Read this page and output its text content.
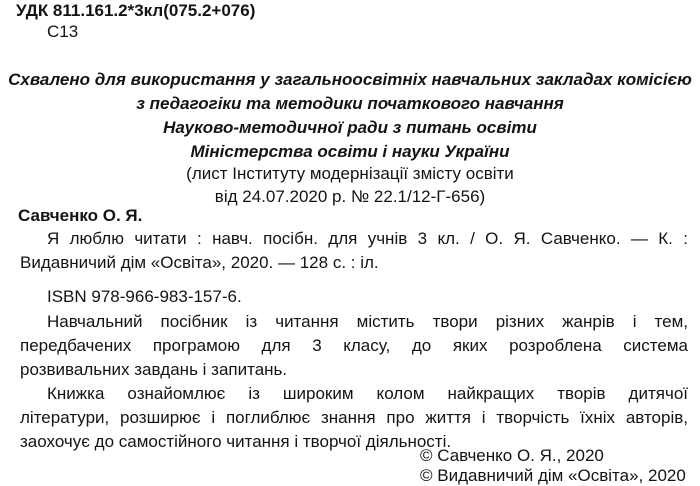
УДК 811.161.2*3кл(075.2+076)
С13
Схвалено для використання у загальноосвітніх навчальних закладах комісією
з педагогіки та методики початкового навчання
Науково-методичної ради з питань освіти
Міністерства освіти і науки України
(лист Інституту модернізації змісту освіти
від 24.07.2020 р. № 22.1/12-Г-656)
Савченко О. Я.
Я люблю читати : навч. посібн. для учнів 3 кл. / О. Я. Савченко. — К. :
Видавничий дім «Освіта», 2020. — 128 с. : іл.
ISBN 978-966-983-157-6.
Навчальний посібник із читання містить твори різних жанрів і тем,
передбачених програмою для 3 класу, до яких розроблена система
розвивальних завдань і запитань.
Книжка ознайомлює із широким колом найкращих творів дитячої
літератури, розширює і поглиблює знання про життя і творчість їхніх авторів,
заохочує до самостійного читання і творчої діяльності.
© Савченко О. Я., 2020
© Видавничий дім «Освіта», 2020
